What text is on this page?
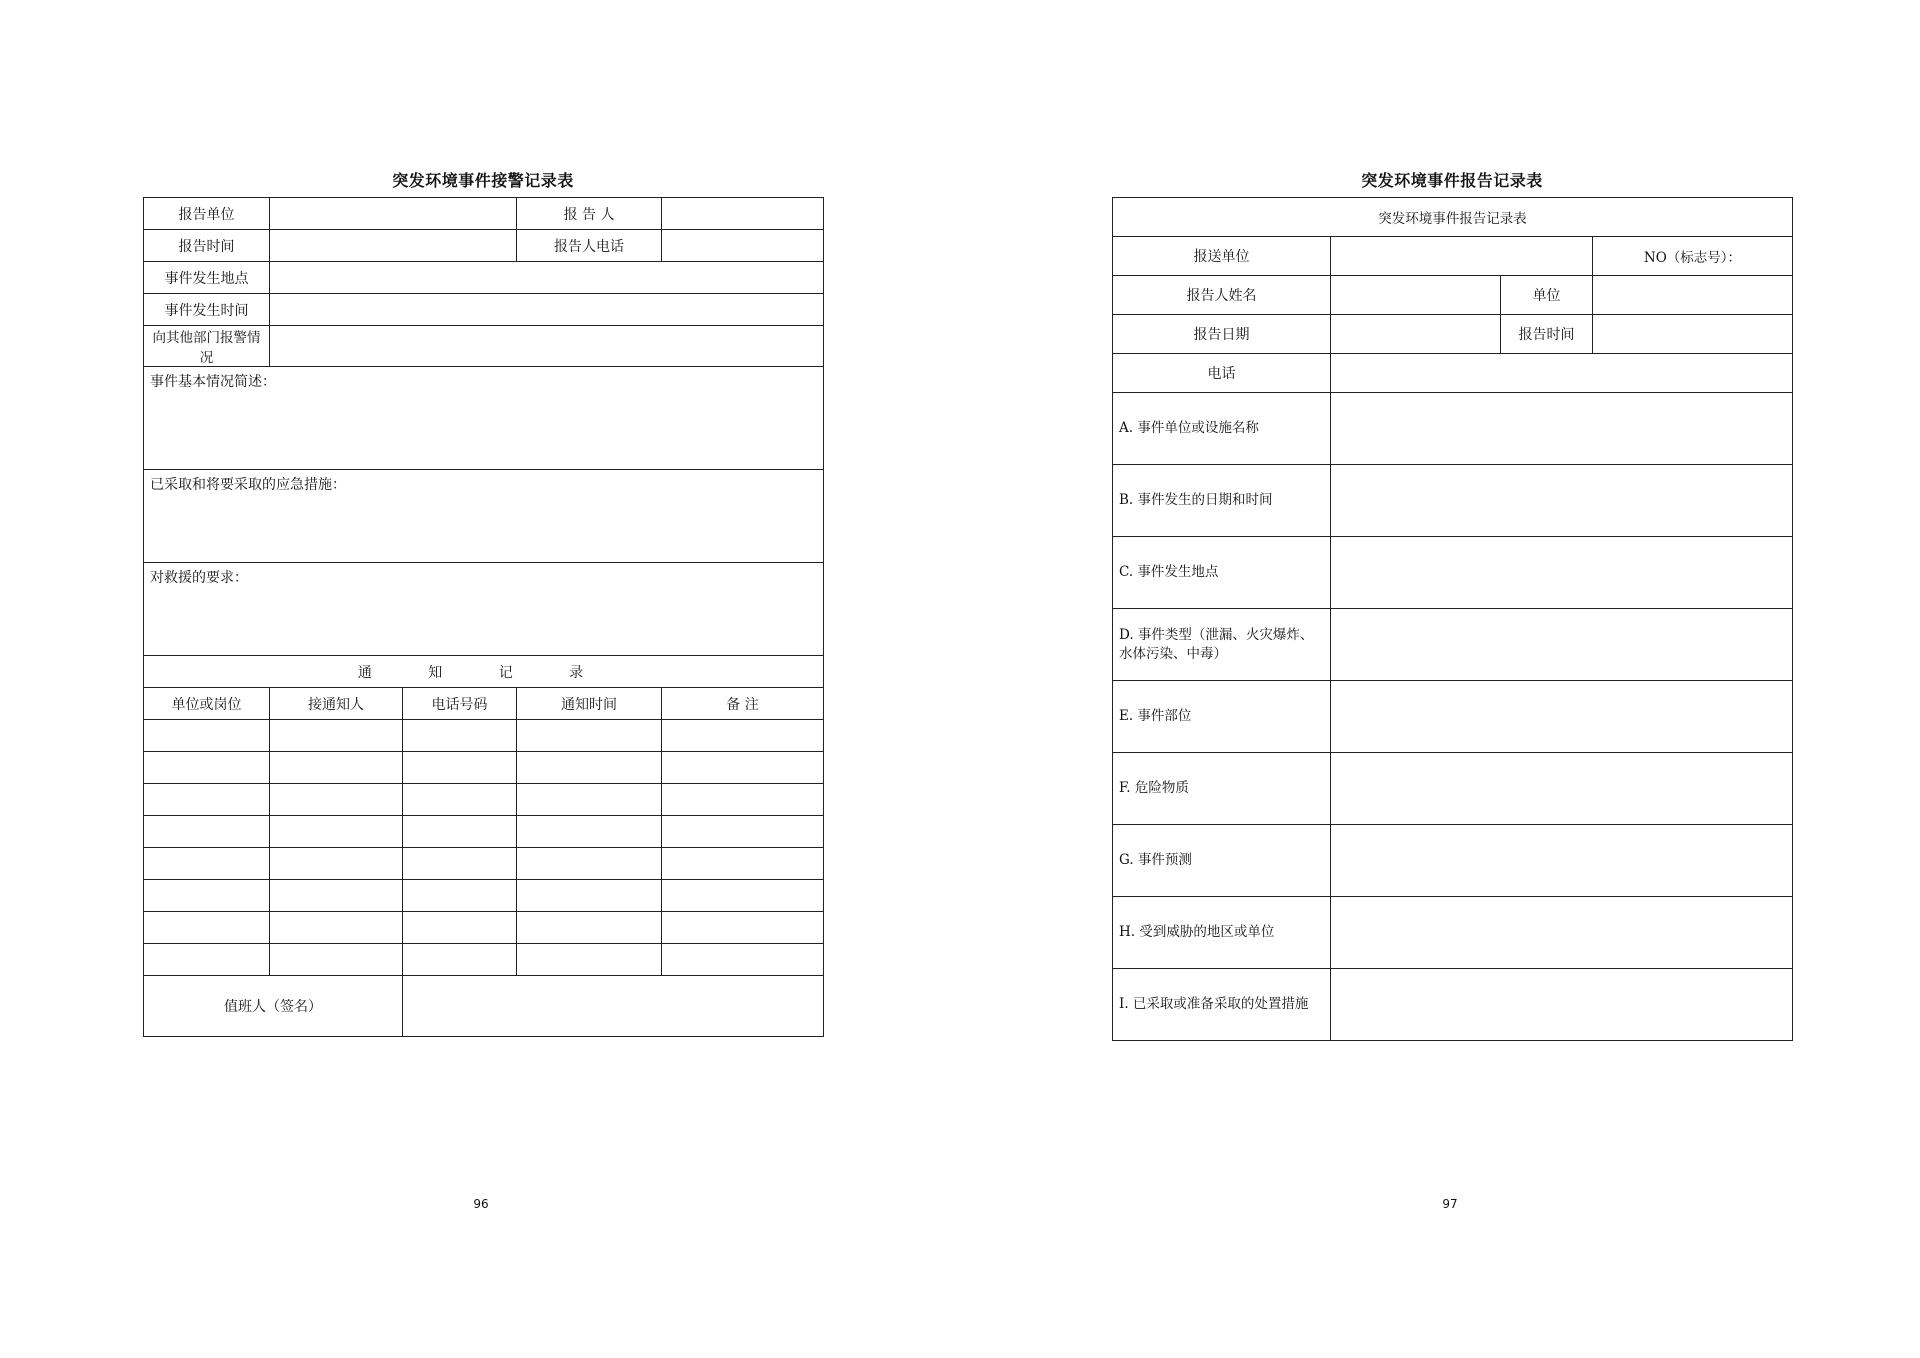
突发环境事件接警记录表
报告单位			报 告 人	
报告时间			报告人电话	
事件发生地点				
事件发生时间				
向其他部门报警情况				
事件基本情况简述：				
已采取和将要采取的应急措施：				
对救援的要求：				
通 知 记 录				
单位或岗位	接通知人	电话号码	通知时间	备 注

值班人（签名）				
96
突发环境事件报告记录表
突发环境事件报告记录表			
报送单位			NO（标志号）：
报告人姓名		单位	
报告日期		报告时间	
电话			
A. 事件单位或设施名称			
B. 事件发生的日期和时间			
C. 事件发生地点			
D. 事件类型（泄漏、火灾爆炸、水体污染、中毒）			
E. 事件部位			
F. 危险物质			
G. 事件预测			
H. 受到威胁的地区或单位			
I. 已采取或准备采取的处置措施			
97
